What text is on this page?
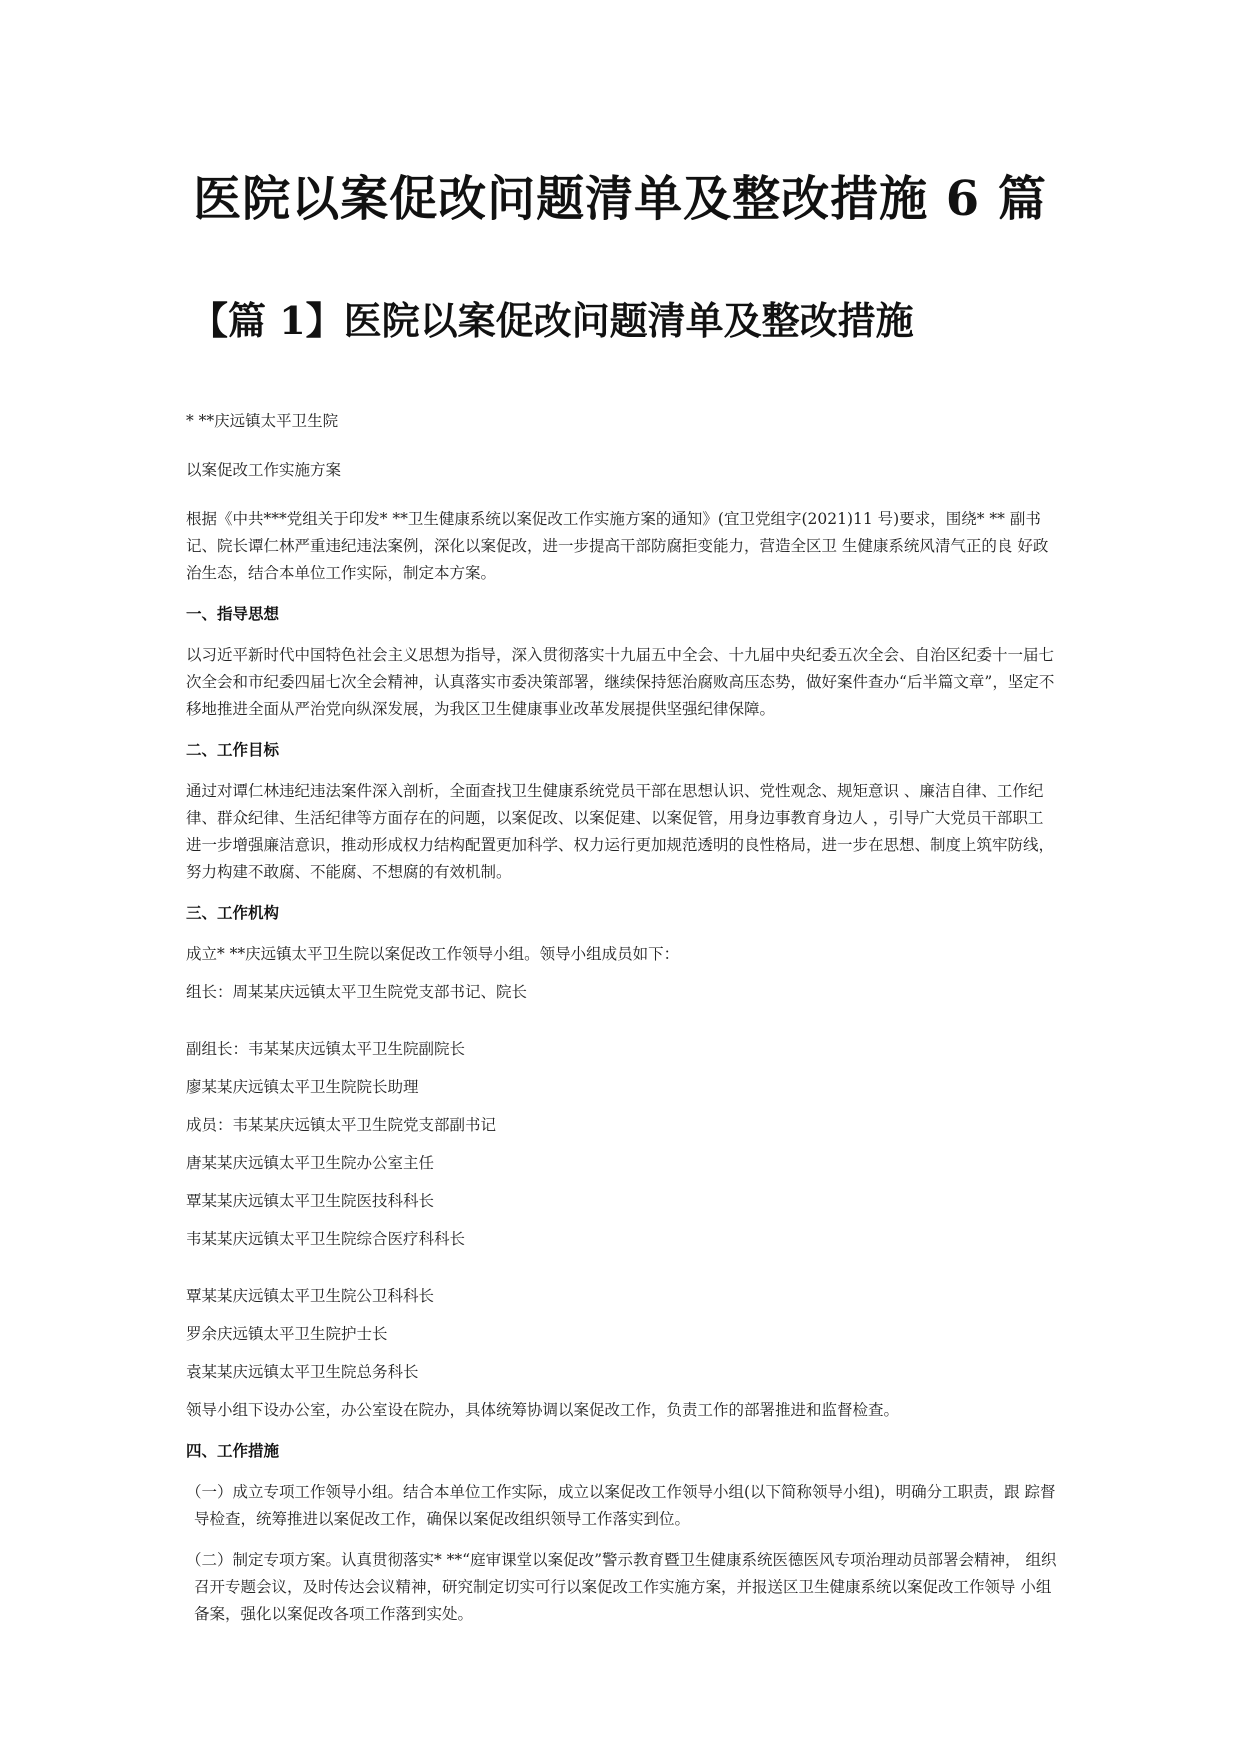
医院以案促改问题清单及整改措施 6 篇
【篇 1】医院以案促改问题清单及整改措施

* **庆远镇太平卫生院

以案促改工作实施方案

根据《中共***党组关于印发* **卫生健康系统以案促改工作实施方案的通知》(宜卫党组字(2021)11 号)要求，围绕* ** 副书记、院长谭仁林严重违纪违法案例，深化以案促改，进一步提高干部防腐拒变能力，营造全区卫 生健康系统风清气正的良 好政治生态，结合本单位工作实际，制定本方案。

一、指导思想

以习近平新时代中国特色社会主义思想为指导，深入贯彻落实十九届五中全会、十九届中央纪委五次全会、自治区纪委十一届七次全会和市纪委四届七次全会精神，认真落实市委决策部署，继续保持惩治腐败高压态势，做好案件查办“后半篇文章”，坚定不移地推进全面从严治党向纵深发展，为我区卫生健康事业改革发展提供坚强纪律保障。

二、工作目标

通过对谭仁林违纪违法案件深入剖析，全面查找卫生健康系统党员干部在思想认识、党性观念、规矩意识 、廉洁自律、工作纪律、群众纪律、生活纪律等方面存在的问题，以案促改、以案促建、以案促管，用身边事教育身边人 ，引导广大党员干部职工进一步增强廉洁意识，推动形成权力结构配置更加科学、权力运行更加规范透明的良性格局，进一步在思想、制度上筑牢防线，努力构建不敢腐、不能腐、不想腐的有效机制。

三、工作机构

成立* **庆远镇太平卫生院以案促改工作领导小组。领导小组成员如下：

组长：周某某庆远镇太平卫生院党支部书记、院长

副组长：韦某某庆远镇太平卫生院副院长

廖某某庆远镇太平卫生院院长助理

成员：韦某某庆远镇太平卫生院党支部副书记

唐某某庆远镇太平卫生院办公室主任

覃某某庆远镇太平卫生院医技科科长

韦某某庆远镇太平卫生院综合医疗科科长

覃某某庆远镇太平卫生院公卫科科长

罗余庆远镇太平卫生院护士长

袁某某庆远镇太平卫生院总务科长

领导小组下设办公室，办公室设在院办，具体统筹协调以案促改工作，负责工作的部署推进和监督检查。

四、工作措施

（一）成立专项工作领导小组。结合本单位工作实际，成立以案促改工作领导小组(以下简称领导小组)，明确分工职责，跟 踪督导检查，统筹推进以案促改工作，确保以案促改组织领导工作落实到位。

（二）制定专项方案。认真贯彻落实* **“庭审课堂以案促改”警示教育暨卫生健康系统医德医风专项治理动员部署会精神， 组织召开专题会议，及时传达会议精神，研究制定切实可行以案促改工作实施方案，并报送区卫生健康系统以案促改工作领导 小组备案，强化以案促改各项工作落到实处。
